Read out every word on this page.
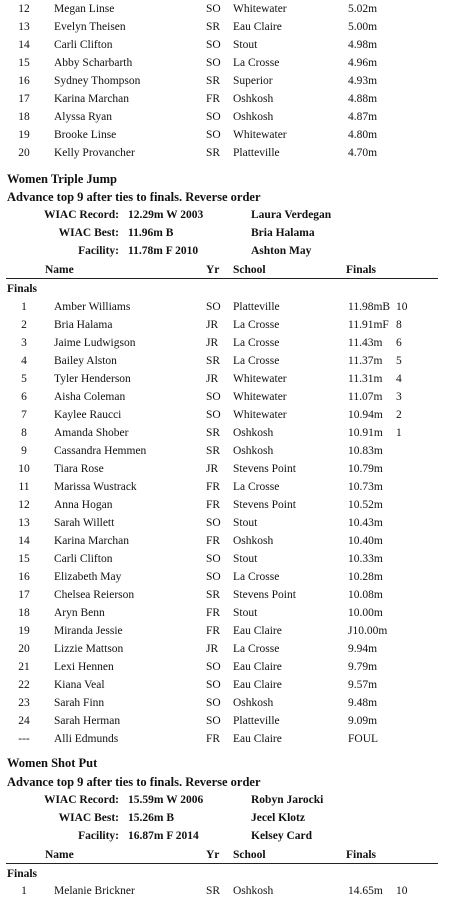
12	Megan Linse	SO Whitewater	5.02m
13	Evelyn Theisen	SR Eau Claire	5.00m
14	Carli Clifton	SO Stout	4.98m
15	Abby Scharbarth	SO La Crosse	4.96m
16	Sydney Thompson	SR Superior	4.93m
17	Karina Marchan	FR Oshkosh	4.88m
18	Alyssa Ryan	SO Oshkosh	4.87m
19	Brooke Linse	SO Whitewater	4.80m
20	Kelly Provancher	SR Platteville	4.70m
Women Triple Jump
Advance top 9 after ties to finals. Reverse order
WIAC Record: 12.29m W 2003	Laura Verdegan
WIAC Best: 11.96m B	Bria Halama
Facility: 11.78m F 2010	Ashton May
Name	Yr School	Finals
Finals
1	Amber Williams	SO Platteville	11.98mB 10
2	Bria Halama	JR La Crosse	11.91mF 8
3	Jaime Ludwigson	JR La Crosse	11.43m 6
4	Bailey Alston	SR La Crosse	11.37m 5
5	Tyler Henderson	JR Whitewater	11.31m 4
6	Aisha Coleman	SO Whitewater	11.07m 3
7	Kaylee Raucci	SO Whitewater	10.94m 2
8	Amanda Shober	SR Oshkosh	10.91m 1
9	Cassandra Hemmen	SR Oshkosh	10.83m
10	Tiara Rose	JR Stevens Point	10.79m
11	Marissa Wustrack	FR La Crosse	10.73m
12	Anna Hogan	FR Stevens Point	10.52m
13	Sarah Willett	SO Stout	10.43m
14	Karina Marchan	FR Oshkosh	10.40m
15	Carli Clifton	SO Stout	10.33m
16	Elizabeth May	SO La Crosse	10.28m
17	Chelsea Reierson	SR Stevens Point	10.08m
18	Aryn Benn	FR Stout	10.00m
19	Miranda Jessie	FR Eau Claire	J10.00m
20	Lizzie Mattson	JR La Crosse	9.94m
21	Lexi Hennen	SO Eau Claire	9.79m
22	Kiana Veal	SO Eau Claire	9.57m
23	Sarah Finn	SO Oshkosh	9.48m
24	Sarah Herman	SO Platteville	9.09m
---	Alli Edmunds	FR Eau Claire	FOUL
Women Shot Put
Advance top 9 after ties to finals. Reverse order
WIAC Record: 15.59m W 2006	Robyn Jarocki
WIAC Best: 15.26m B	Jecel Klotz
Facility: 16.87m F 2014	Kelsey Card
Name	Yr School	Finals
Finals
1	Melanie Brickner	SR Oshkosh	14.65m 10
